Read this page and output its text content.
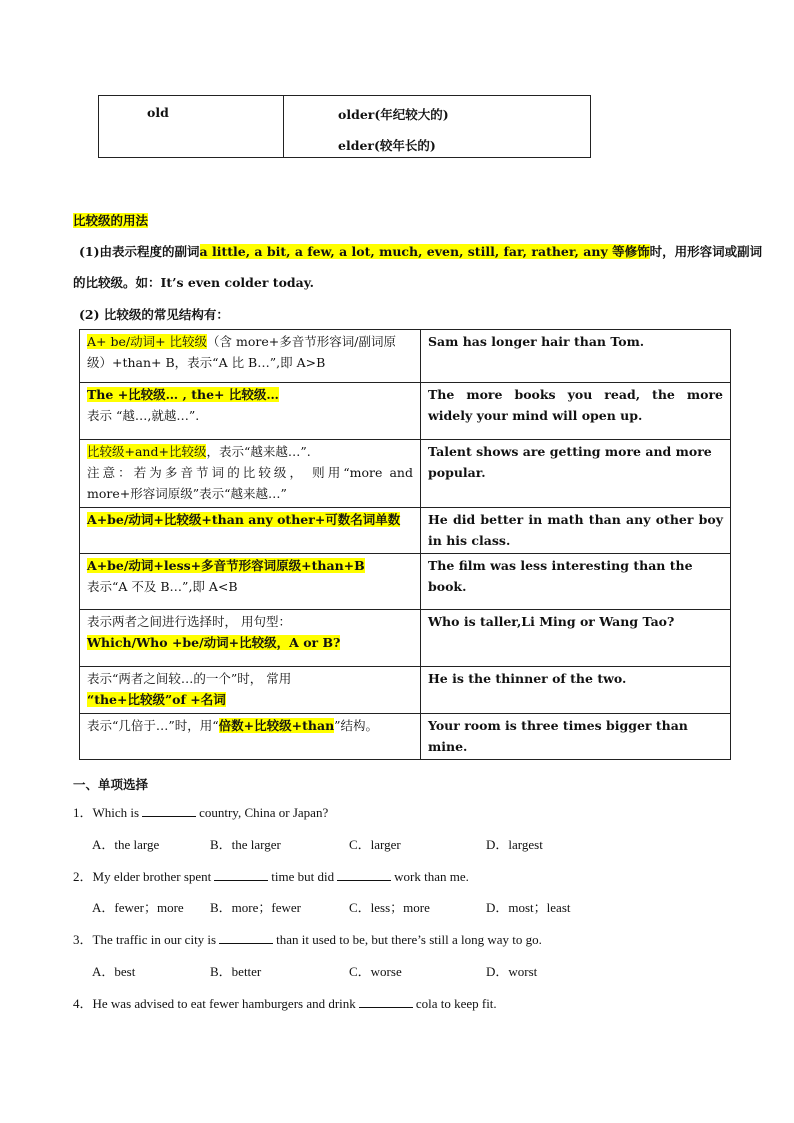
old	older(年纪较大的)
elder(较年长的)
比较级的用法
(1)由表示程度的副词a little, a bit, a few, a lot, much, even, still, far, rather, any 等修饰时，用形容词或副词
的比较级。如：It’s even colder today.
(2) 比较级的常见结构有：
A+ be/动词+ 比较级（含 more+多音节形容词/副词原级）+than+ B，表示“A 比 B…”,即 A>B	Sam has longer hair than Tom.
The +比较级… , the+ 比较级…
表示 “越…,就越…”.	The more books you read, the more widely your mind will open up.
比较级+and+比较级，表示“越来越…”.
注意：若为多音节词的比较级， 则用“more and more+形容词原级”表示“越来越…”	Talent shows are getting more and more popular.
A+be/动词+比较级+than any other+可数名词单数	He did better in math than any other boy in his class.
A+be/动词+less+多音节形容词原级+than+B
表示“A 不及 B…”,即 A<B	The film was less interesting than the book.
表示两者之间进行选择时， 用句型：
Which/Who +be/动词+比较级，A or B?	Who is taller,Li Ming or Wang Tao?
表示“两者之间较…的一个”时， 常用
“the+比较级”of +名词	He is the thinner of the two.
表示“几倍于…”时，用“倍数+比较级+than”结构。	Your room is three times bigger than mine.
一、单项选择
1．Which is	country, China or Japan?
A．the large	B．the larger	C．larger	D．largest
2．My elder brother spent	time but did	work than me.
A．fewer；more B．more；fewer	C．less；more	D．most；least
3．The traffic in our city is	than it used to be, but there’s still a long way to go.
A．best	B．better	C．worse	D．worst
4．He was advised to eat fewer hamburgers and drink	cola to keep fit.
